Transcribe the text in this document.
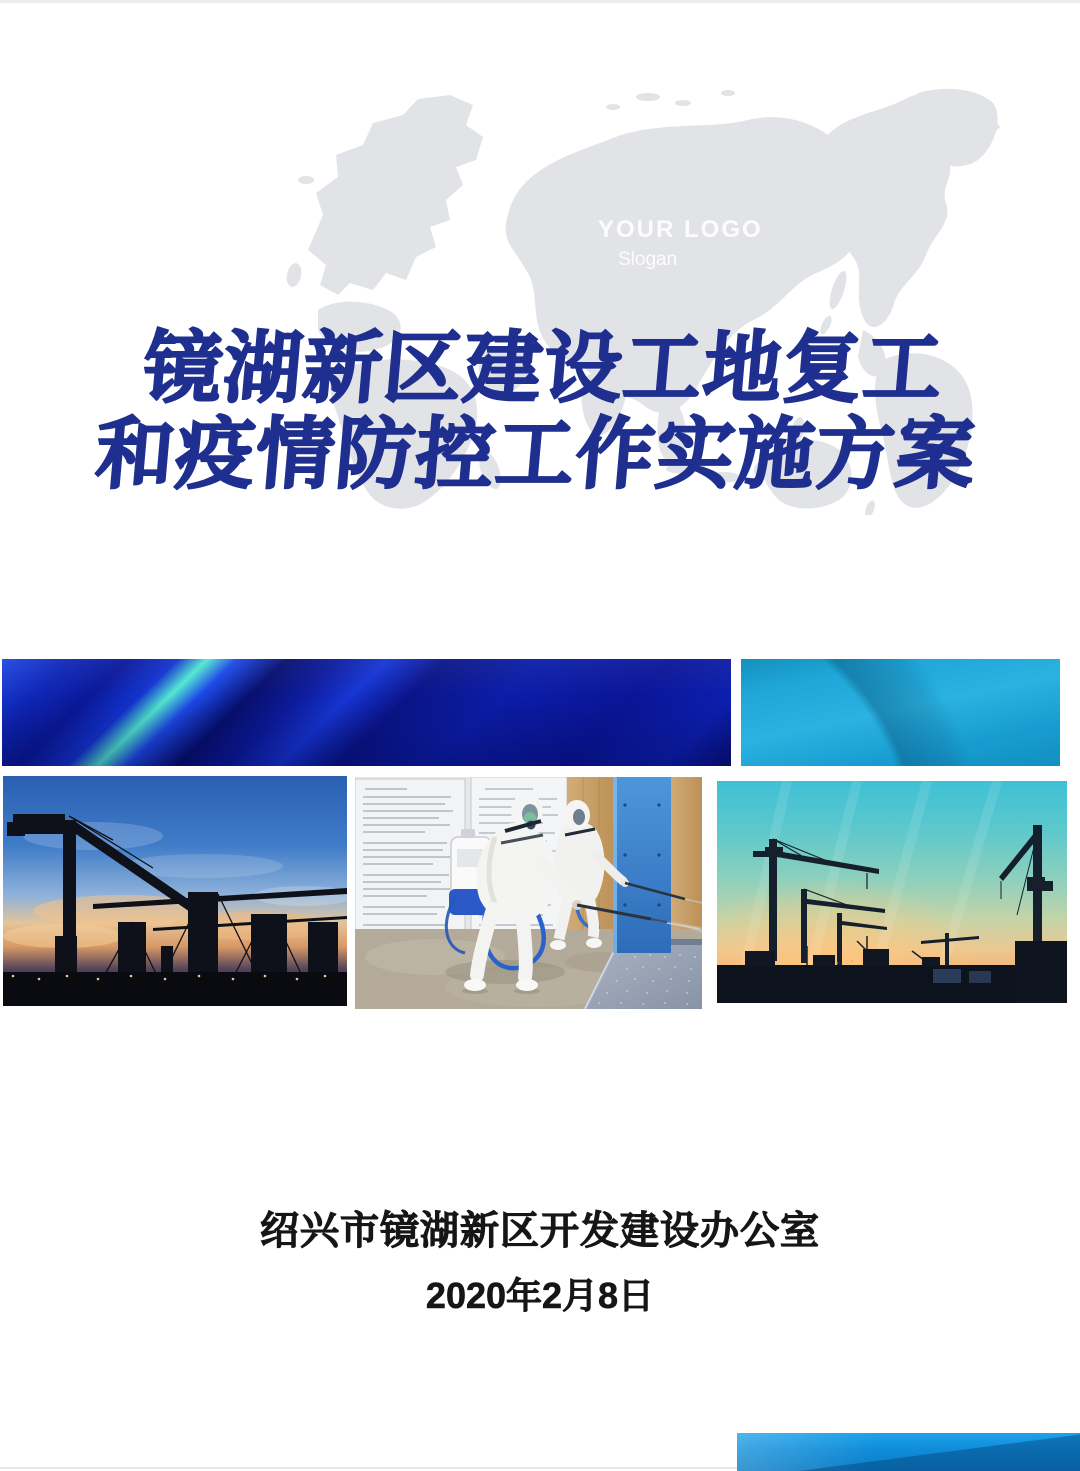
YOUR LOGO
Slogan
镜湖新区建设工地复工
和疫情防控工作实施方案
绍兴市镜湖新区开发建设办公室
2020年2月8日
